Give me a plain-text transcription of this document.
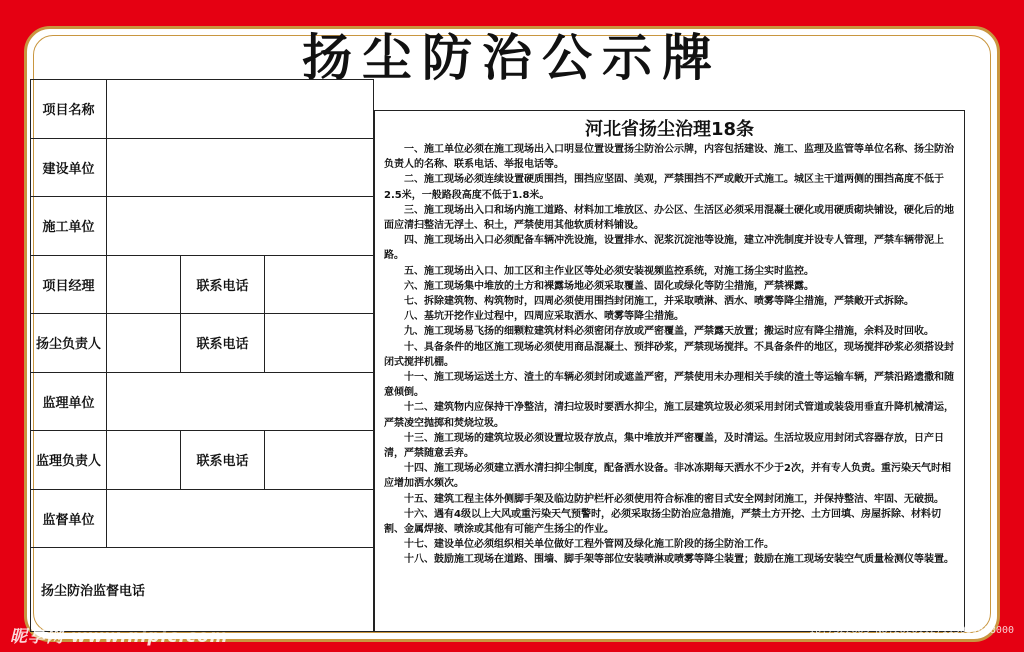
扬尘防治公示牌
项目名称
建设单位
施工单位
项目经理	联系电话
扬尘负责人	联系电话
监理单位
监理负责人	联系电话
监督单位
扬尘防治监督电话
河北省扬尘治理18条

一、施工单位必须在施工现场出入口明显位置设置扬尘防治公示牌，内容包括建设、施工、监理及监管等单位名称、扬尘防治负责人的名称、联系电话、举报电话等。

二、施工现场必须连续设置硬质围挡，围挡应坚固、美观，严禁围挡不严或敞开式施工。城区主干道两侧的围挡高度不低于2.5米，一般路段高度不低于1.8米。

三、施工现场出入口和场内施工道路、材料加工堆放区、办公区、生活区必须采用混凝土硬化或用硬质砌块铺设，硬化后的地面应清扫整洁无浮土、积土，严禁使用其他软质材料铺设。

四、施工现场出入口必须配备车辆冲洗设施，设置排水、泥浆沉淀池等设施，建立冲洗制度并设专人管理，严禁车辆带泥上路。

五、施工现场出入口、加工区和主作业区等处必须安装视频监控系统，对施工扬尘实时监控。

六、施工现场集中堆放的土方和裸露场地必须采取覆盖、固化或绿化等防尘措施，严禁裸露。

七、拆除建筑物、构筑物时，四周必须使用围挡封闭施工，并采取喷淋、洒水、喷雾等降尘措施，严禁敞开式拆除。

八、基坑开挖作业过程中，四周应采取洒水、喷雾等降尘措施。

九、施工现场易飞扬的细颗粒建筑材料必须密闭存放或严密覆盖，严禁露天放置；搬运时应有降尘措施，余料及时回收。

十、具备条件的地区施工现场必须使用商品混凝土、预拌砂浆，严禁现场搅拌。不具备条件的地区，现场搅拌砂浆必须搭设封闭式搅拌机棚。

十一、施工现场运送土方、渣土的车辆必须封闭或遮盖严密，严禁使用未办理相关手续的渣土等运输车辆，严禁沿路遗撒和随意倾倒。

十二、建筑物内应保持干净整洁，清扫垃圾时要洒水抑尘，施工层建筑垃圾必须采用封闭式管道或装袋用垂直升降机械清运，严禁凌空抛掷和焚烧垃圾。

十三、施工现场的建筑垃圾必须设置垃圾存放点，集中堆放并严密覆盖，及时清运。生活垃圾应用封闭式容器存放，日产日清，严禁随意丢弃。

十四、施工现场必须建立洒水清扫抑尘制度，配备洒水设备。非冰冻期每天洒水不少于2次，并有专人负责。重污染天气时相应增加洒水频次。

十五、建筑工程主体外侧脚手架及临边防护栏杆必须使用符合标准的密目式安全网封闭施工，并保持整洁、牢固、无破损。

十六、遇有4级以上大风或重污染天气预警时，必须采取扬尘防治应急措施，严禁土方开挖、土方回填、房屋拆除、材料切割、金属焊接、喷涂或其他有可能产生扬尘的作业。

十七、建设单位必须组织相关单位做好工程外管网及绿化施工阶段的扬尘防治工作。

十八、鼓励施工现场在道路、围墙、脚手架等部位安装喷淋或喷雾等降尘装置；鼓励在施工现场安装空气质量检测仪等装置。

昵享网 www.nipic.com	ID:7322603 NO:20201127115031418000
